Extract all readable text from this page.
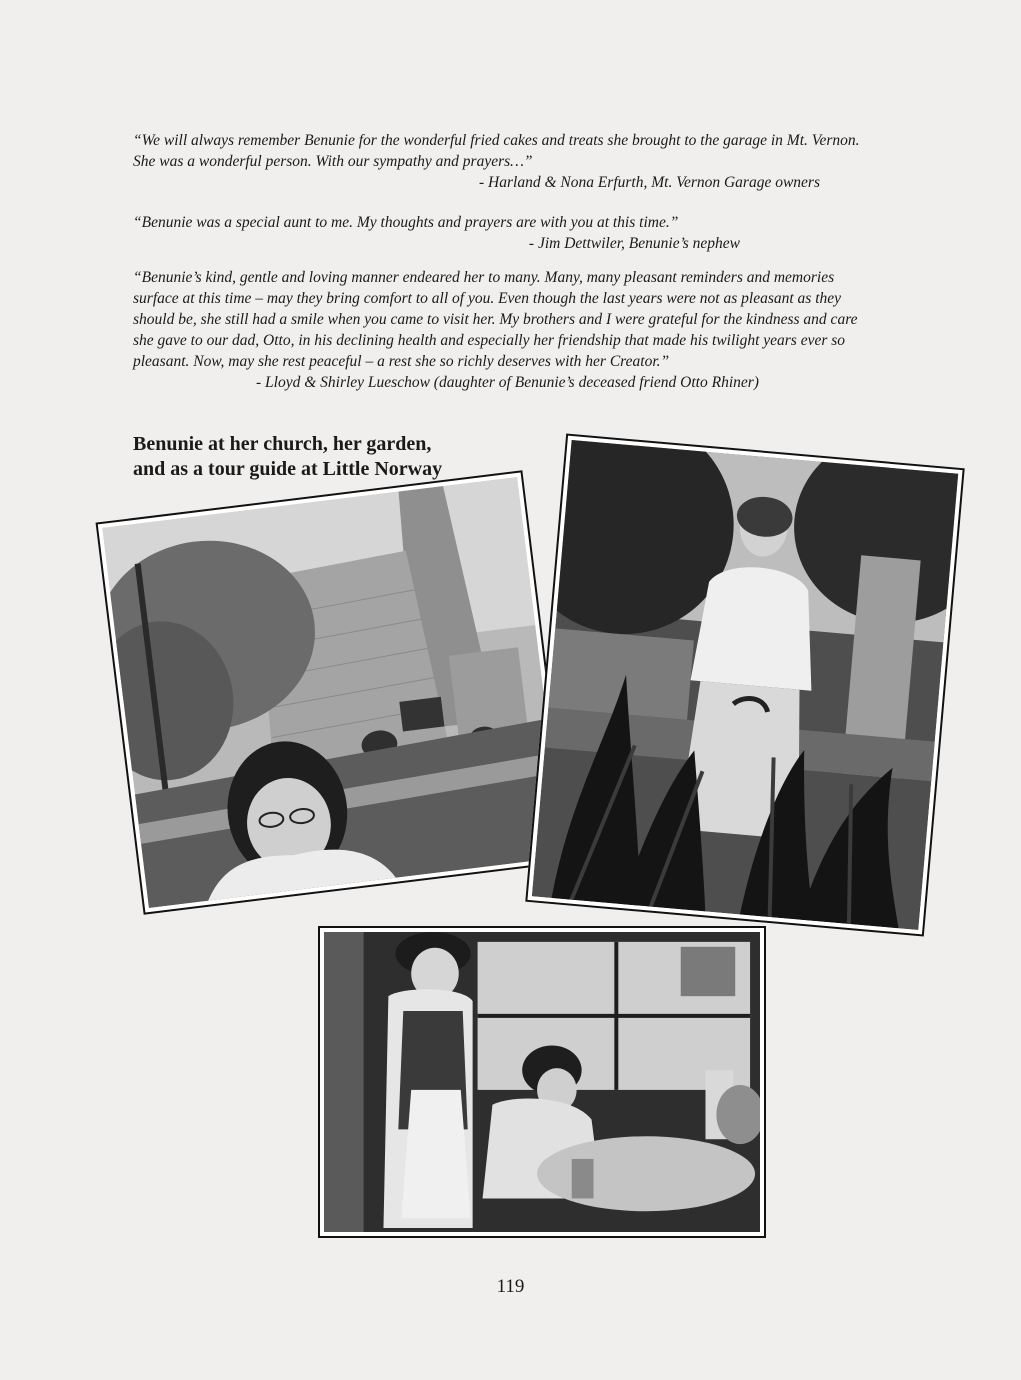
“We will always remember Benunie for the wonderful fried cakes and treats she brought to the garage in Mt. Vernon. She was a wonderful person. With our sympathy and prayers…”

- Harland & Nona Erfurth, Mt. Vernon Garage owners

“Benunie was a special aunt to me. My thoughts and prayers are with you at this time.”

- Jim Dettwiler, Benunie’s nephew

“Benunie’s kind, gentle and loving manner endeared her to many. Many, many pleasant reminders and memories surface at this time – may they bring comfort to all of you. Even though the last years were not as pleasant as they should be, she still had a smile when you came to visit her. My brothers and I were grateful for the kindness and care she gave to our dad, Otto, in his declining health and especially her friendship that made his twilight years ever so pleasant. Now, may she rest peaceful – a rest she so richly deserves with her Creator.”

- Lloyd & Shirley Lueschow (daughter of Benunie’s deceased friend Otto Rhiner)

Benunie at her church, her garden,
and as a tour guide at Little Norway
119
